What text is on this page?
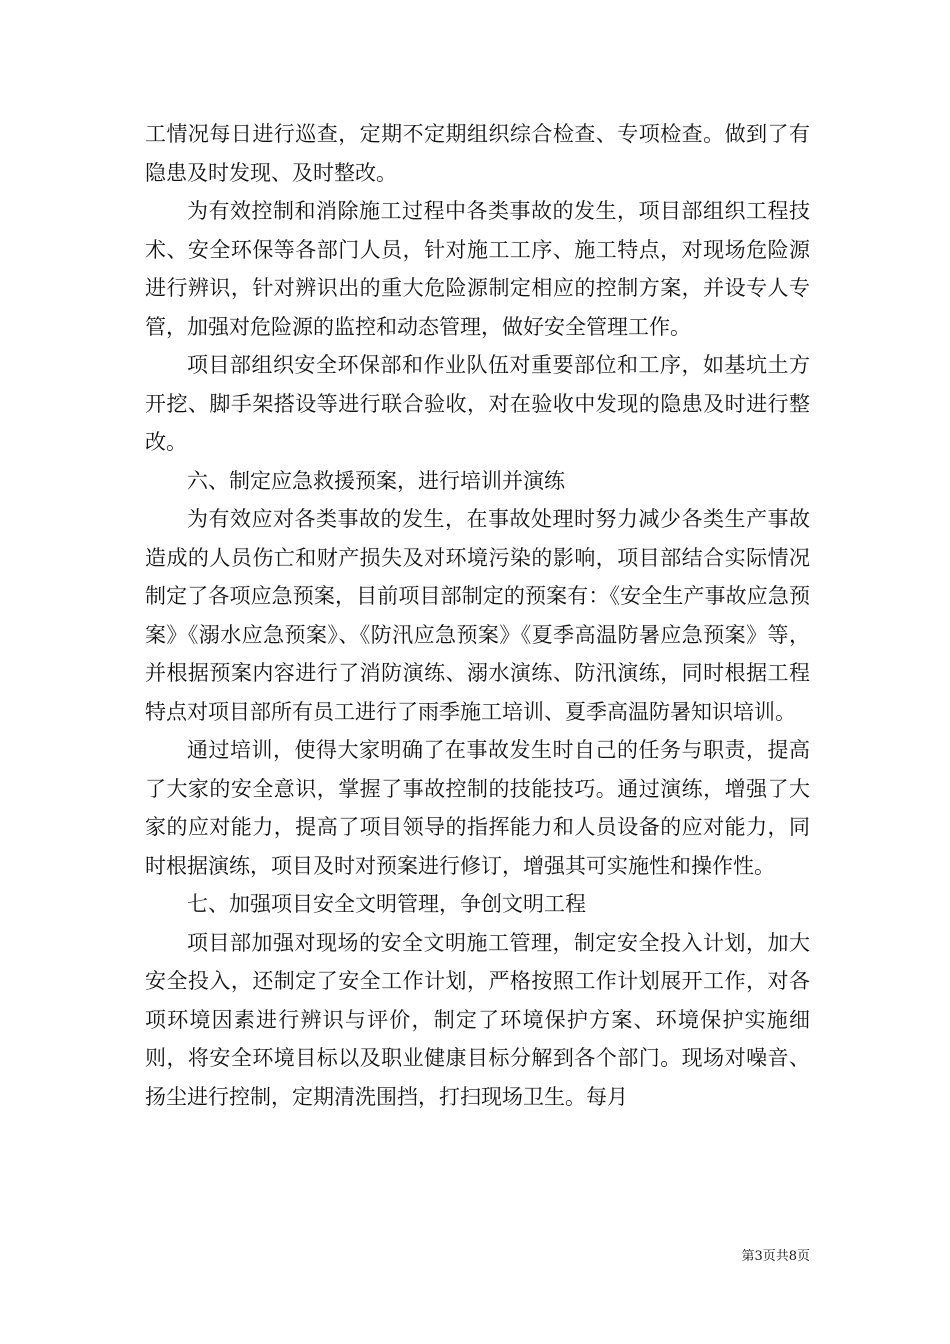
工情况每日进行巡查，定期不定期组织综合检查、专项检查。做到了有隐患及时发现、及时整改。

为有效控制和消除施工过程中各类事故的发生，项目部组织工程技术、安全环保等各部门人员，针对施工工序、施工特点，对现场危险源进行辨识，针对辨识出的重大危险源制定相应的控制方案，并设专人专管，加强对危险源的监控和动态管理，做好安全管理工作。

项目部组织安全环保部和作业队伍对重要部位和工序，如基坑土方开挖、脚手架搭设等进行联合验收，对在验收中发现的隐患及时进行整改。

六、制定应急救援预案，进行培训并演练

为有效应对各类事故的发生，在事故处理时努力减少各类生产事故造成的人员伤亡和财产损失及对环境污染的影响，项目部结合实际情况制定了各项应急预案，目前项目部制定的预案有：《安全生产事故应急预案》《溺水应急预案》、《防汛应急预案》《夏季高温防暑应急预案》等，并根据预案内容进行了消防演练、溺水演练、防汛演练，同时根据工程特点对项目部所有员工进行了雨季施工培训、夏季高温防暑知识培训。

通过培训，使得大家明确了在事故发生时自己的任务与职责，提高了大家的安全意识，掌握了事故控制的技能技巧。通过演练，增强了大家的应对能力，提高了项目领导的指挥能力和人员设备的应对能力，同时根据演练，项目及时对预案进行修订，增强其可实施性和操作性。

七、加强项目安全文明管理，争创文明工程

项目部加强对现场的安全文明施工管理，制定安全投入计划，加大安全投入，还制定了安全工作计划，严格按照工作计划展开工作，对各项环境因素进行辨识与评价，制定了环境保护方案、环境保护实施细则，将安全环境目标以及职业健康目标分解到各个部门。现场对噪音、扬尘进行控制，定期清洗围挡，打扫现场卫生。每月

第3页共8页
